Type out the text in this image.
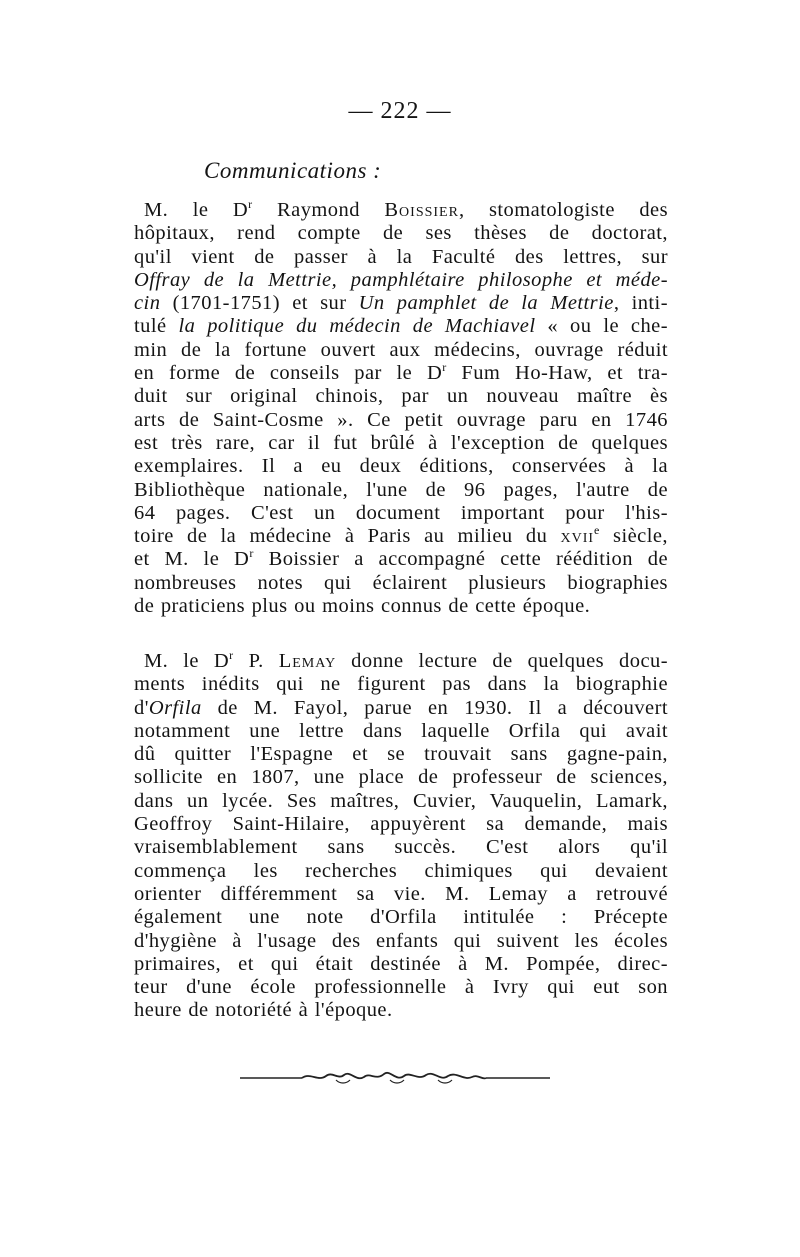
— 222 —
Communications :
M. le $D^r$ Raymond Boissier, stomatologiste des
hôpitaux, rend compte de ses thèses de doctorat,
qu'il vient de passer à la Faculté des lettres, sur
Offray de la Mettrie, pamphlétaire philosophe et méde-
cin (1701-1751) et sur Un pamphlet de la Mettrie, inti-
tulé la politique du médecin de Machiavel « ou le che-
min de la fortune ouvert aux médecins, ouvrage réduit
en forme de conseils par le $D^r$ Fum Ho-Haw, et tra-
duit sur original chinois, par un nouveau maître ès
arts de Saint-Cosme ». Ce petit ouvrage paru en 1746
est très rare, car il fut brûlé à l'exception de quelques
exemplaires. Il a eu deux éditions, conservées à la
Bibliothèque nationale, l'une de 96 pages, l'autre de
64 pages. C'est un document important pour l'his-
toire de la médecine à Paris au milieu du xvii$^e$ siècle,
et M. le $D^r$ Boissier a accompagné cette réédition de
nombreuses notes qui éclairent plusieurs biographies
de praticiens plus ou moins connus de cette époque.
M. le $D^r$ P. Lemay donne lecture de quelques docu-
ments inédits qui ne figurent pas dans la biographie
d'Orfila de M. Fayol, parue en 1930. Il a découvert
notamment une lettre dans laquelle Orfila qui avait
dû quitter l'Espagne et se trouvait sans gagne-pain,
sollicite en 1807, une place de professeur de sciences,
dans un lycée. Ses maîtres, Cuvier, Vauquelin, Lamark,
Geoffroy Saint-Hilaire, appuyèrent sa demande, mais
vraisemblablement sans succès. C'est alors qu'il
commença les recherches chimiques qui devaient
orienter différemment sa vie. M. Lemay a retrouvé
également une note d'Orfila intitulée : Précepte
d'hygiène à l'usage des enfants qui suivent les écoles
primaires, et qui était destinée à M. Pompée, direc-
teur d'une école professionnelle à Ivry qui eut son
heure de notoriété à l'époque.
